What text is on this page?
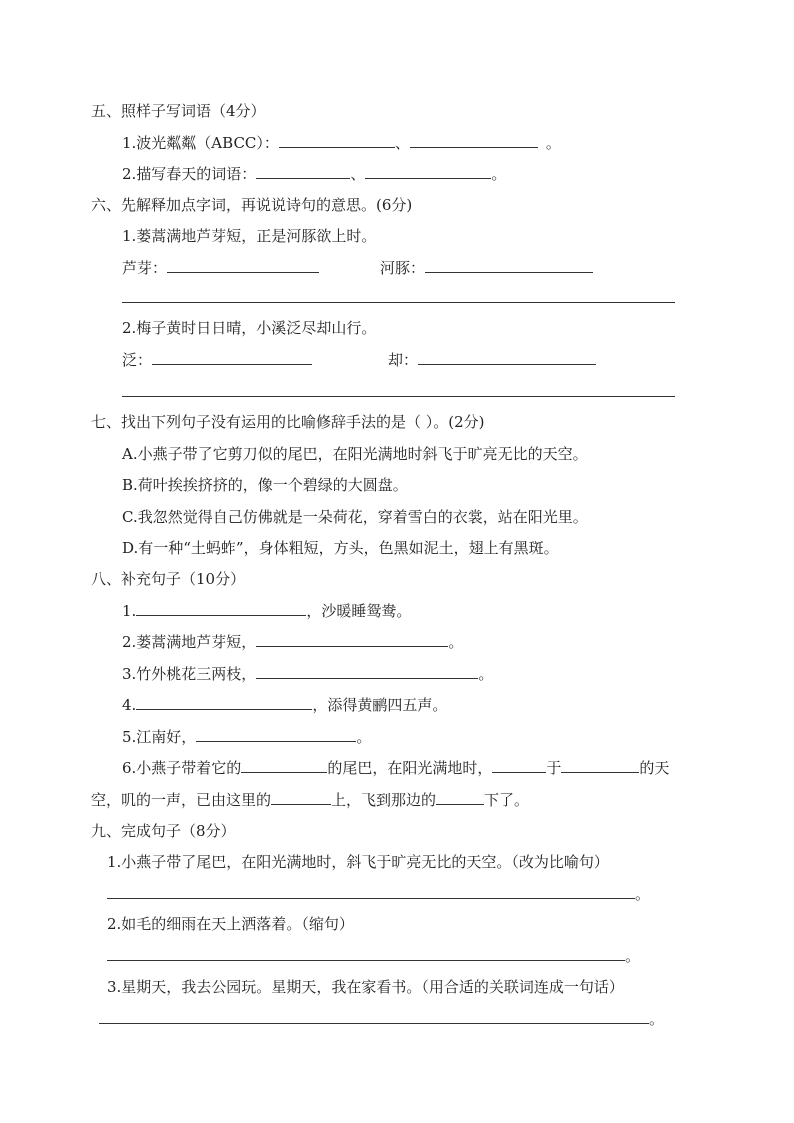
五、照样子写词语（4分）
1.波光粼粼（ABCC）：	、	。
2.描写春天的词语：	、	。
六、先解释加点字词，再说说诗句的意思。(6分)
1.蒌蒿满地芦芽短，正是河豚欲上时。
芦芽：	河豚：
2.梅子黄时日日晴，小溪泛尽却山行。
泛：	却：
七、找出下列句子没有运用的比喻修辞手法的是（ ）。(2分)
A.小燕子带了它剪刀似的尾巴，在阳光满地时斜飞于旷亮无比的天空。
B.荷叶挨挨挤挤的，像一个碧绿的大圆盘。
C.我忽然觉得自己仿佛就是一朵荷花，穿着雪白的衣裳，站在阳光里。
D.有一种“土蚂蚱”，身体粗短，方头，色黑如泥土，翅上有黑斑。
八、补充句子（10分）
1.	，沙暖睡鸳鸯。
2.蒌蒿满地芦芽短，	。
3.竹外桃花三两枝，	。
4.	，添得黄鹂四五声。
5.江南好，	。
6.小燕子带着它的	的尾巴，在阳光满地时，	于	的天
空，叽的一声，已由这里的	上，飞到那边的	下了。
九、完成句子（8分）
1.小燕子带了尾巴，在阳光满地时，斜飞于旷亮无比的天空。（改为比喻句）
。
2.如毛的细雨在天上洒落着。（缩句）
。
3.星期天，我去公园玩。星期天，我在家看书。（用合适的关联词连成一句话）
。
